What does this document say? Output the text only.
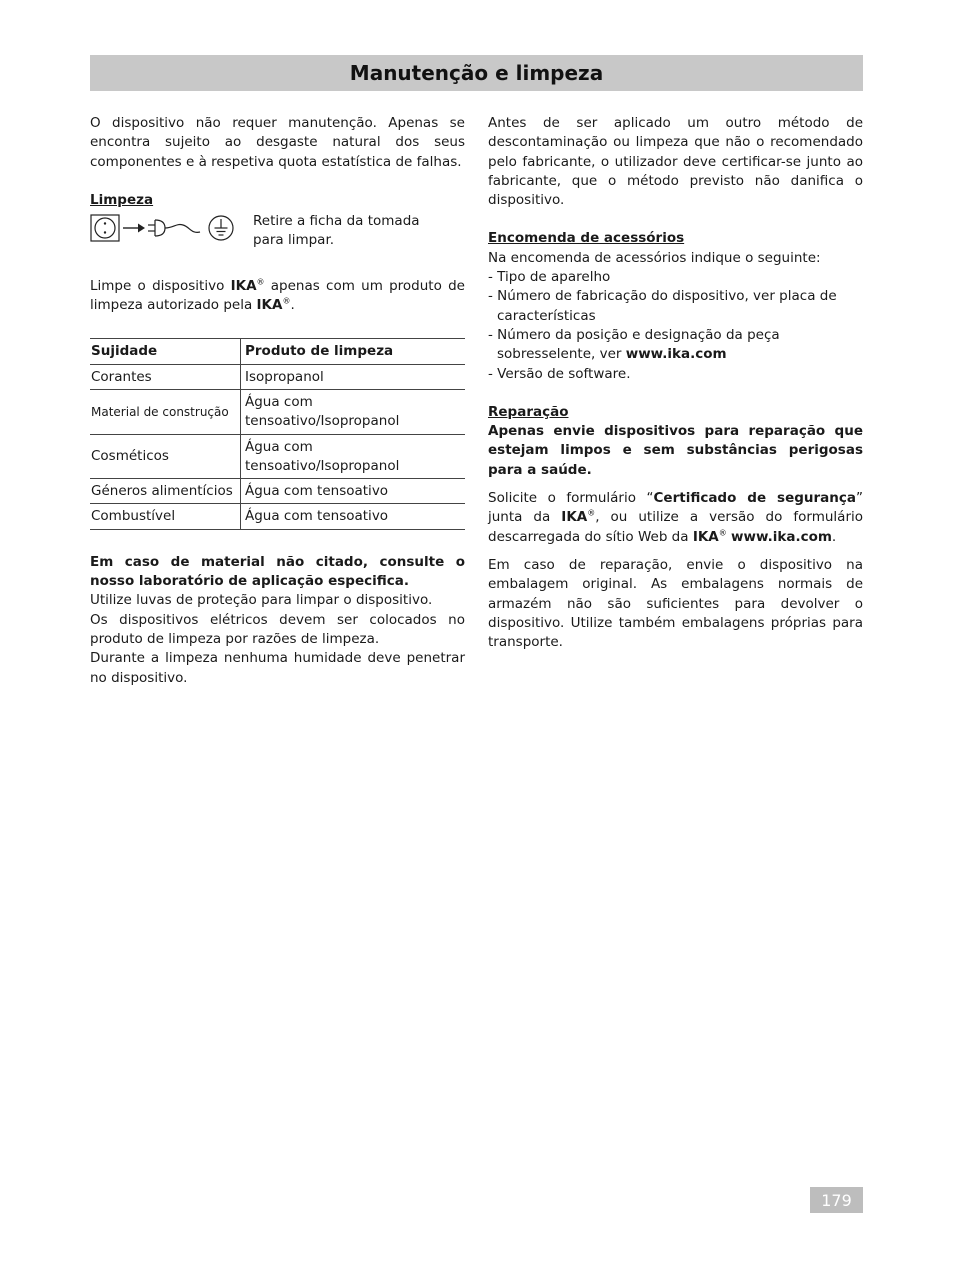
Manutenção e limpeza

O dispositivo não requer manutenção. Apenas se encontra sujeito ao desgaste natural dos seus componentes e à respetiva quota estatística de falhas.

Limpeza

Retire a ficha da tomada para limpar.

Limpe o dispositivo IKA® apenas com um produto de limpeza autorizado pela IKA®.

Sujidade	Produto de limpeza
Corantes	Isopropanol
Material de construção	Água com tensoativo/Isopropanol
Cosméticos	Água com tensoativo/Isopropanol
Géneros alimentícios	Água com tensoativo
Combustível	Água com tensoativo

Em caso de material não citado, consulte o nosso laboratório de aplicação especifica.

Utilize luvas de proteção para limpar o dispositivo.

Os dispositivos elétricos devem ser colocados no produto de limpeza por razões de limpeza.

Durante a limpeza nenhuma humidade deve penetrar no dispositivo.

Antes de ser aplicado um outro método de descontaminação ou limpeza que não o recomendado pelo fabricante, o utilizador deve certificar-se junto ao fabricante, que o método previsto não danifica o dispositivo.

Encomenda de acessórios

Na encomenda de acessórios indique o seguinte:

- Tipo de aparelho
- Número de fabricação do dispositivo, ver placa de características
- Número da posição e designação da peça sobresselente, ver www.ika.com
- Versão de software.

Reparação

Apenas envie dispositivos para reparação que estejam limpos e sem substâncias perigosas para a saúde.

Solicite o formulário “Certificado de segurança” junta da IKA®, ou utilize a versão do formulário descarregada do sítio Web da IKA® www.ika.com.

Em caso de reparação, envie o dispositivo na embalagem original. As embalagens normais de armazém não são suficientes para devolver o dispositivo. Utilize também embalagens próprias para transporte.

179
